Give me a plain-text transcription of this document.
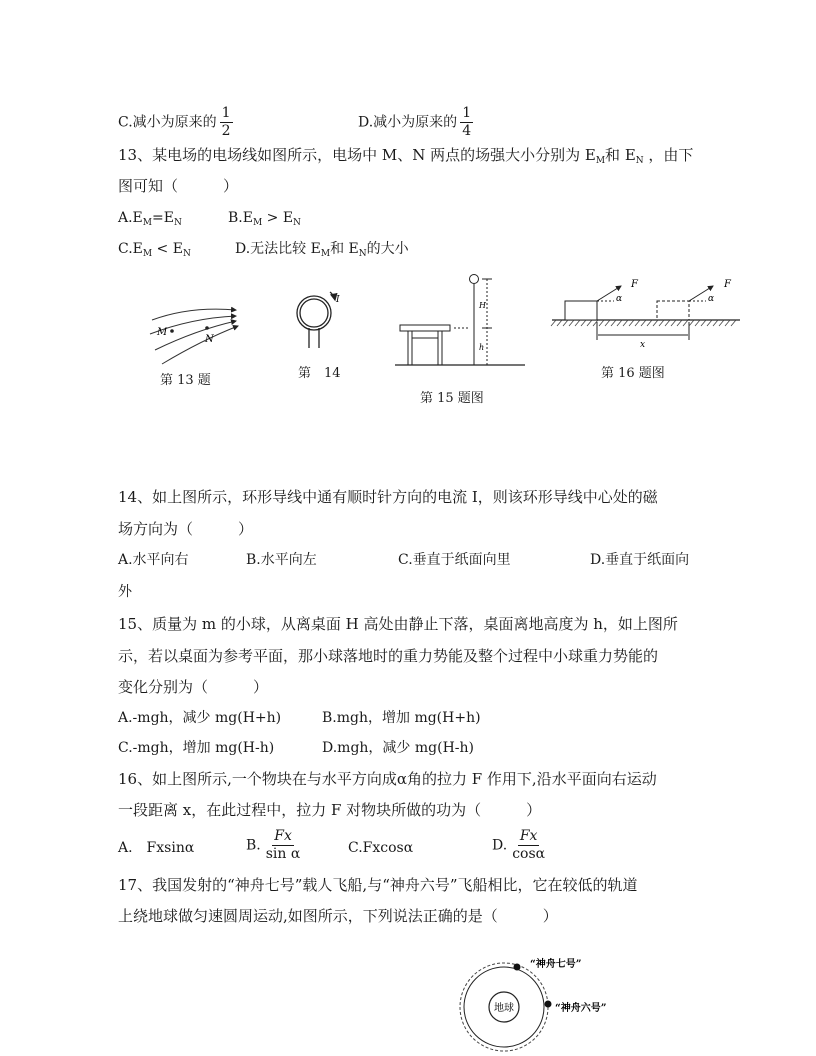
C.减小为原来的 $\frac{1}{2}$	D.减小为原来的 $\frac{1}{4}$
13、某电场的电场线如图所示，电场中 M、N 两点的场强大小分别为 $E_M$和 $E_N$ ，由下
图可知（　　　）
$A.E_M=E_N$	$B.E_M > E_N$
$C.E_M < E_N$	D.无法比较 $E_M$和 $E_N$的大小
M
N
I
H
h
F	F
α	α
x
第 13 题	第　14
第 15 题图
第 16 题图
14、如上图所示，环形导线中通有顺时针方向的电流 I，则该环形导线中心处的磁
场方向为（　　　）
A.水平向右	B.水平向左	C.垂直于纸面向里	D.垂直于纸面向
外
15、质量为 m 的小球，从离桌面 H 高处由静止下落，桌面离地高度为 h，如上图所
示，若以桌面为参考平面，那小球落地时的重力势能及整个过程中小球重力势能的
变化分别为（　　　）
A.-mgh，减少 mg(H+h)	B.mgh，增加 mg(H+h)
C.-mgh，增加 mg(H-h)	D.mgh，减少 mg(H-h)
16、如上图所示,一个物块在与水平方向成α角的拉力 F 作用下,沿水平面向右运动
一段距离 x，在此过程中，拉力 F 对物块所做的功为（　　　）
A.　Fxsinα	B. $\frac{Fx}{\text{sin α}}$	C.Fxcosα	D. $\frac{Fx}{\cos\alpha}$
17、我国发射的“神舟七号”载人飞船,与“神舟六号”飞船相比，它在较低的轨道
上绕地球做匀速圆周运动,如图所示，下列说法正确的是（　　　）
地球
“神舟七号”
“神舟六号”
